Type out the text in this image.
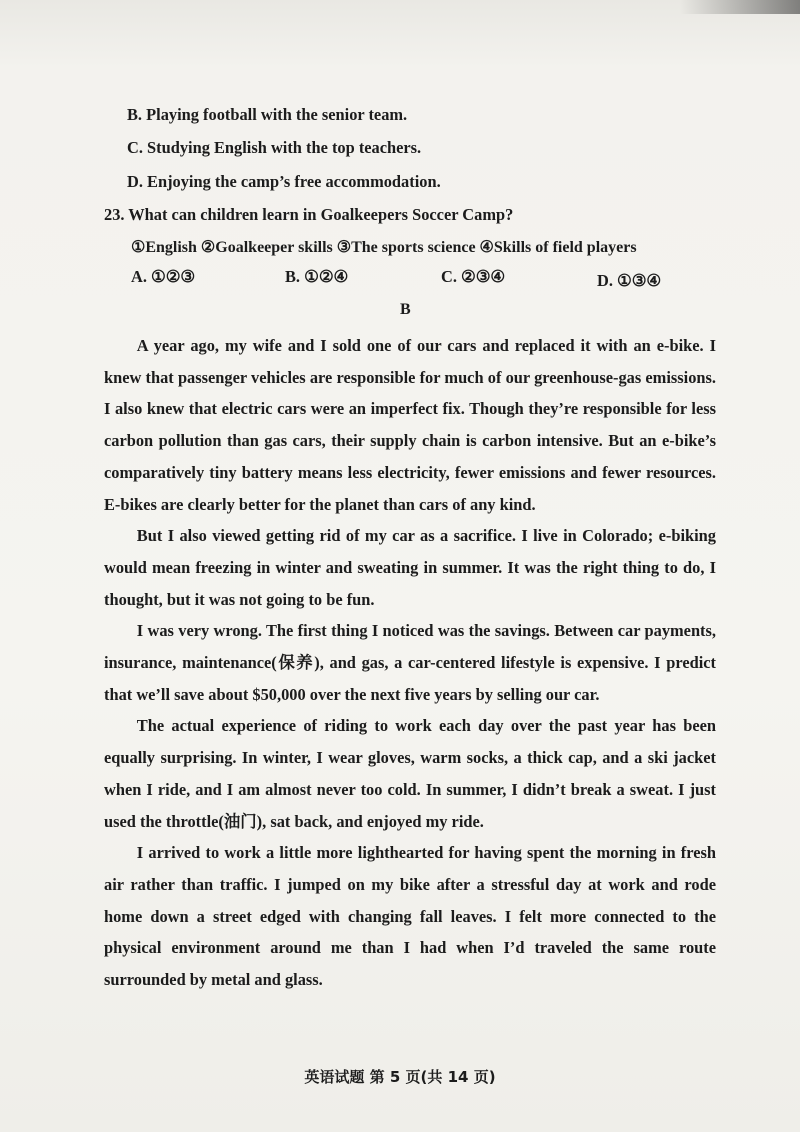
B. Playing football with the senior team.
C. Studying English with the top teachers.
D. Enjoying the camp’s free accommodation.
23. What can children learn in Goalkeepers Soccer Camp?
①English ②Goalkeeper skills ③The sports science ④Skills of field players
A. ①②③	B. ①②④	C. ②③④	D. ①③④
B

A year ago, my wife and I sold one of our cars and replaced it with an e-bike. I knew that passenger vehicles are responsible for much of our greenhouse-gas emissions. I also knew that electric cars were an imperfect fix. Though they’re responsible for less carbon pollution than gas cars, their supply chain is carbon intensive. But an e-bike’s comparatively tiny battery means less electricity, fewer emissions and fewer resources. E-bikes are clearly better for the planet than cars of any kind.

But I also viewed getting rid of my car as a sacrifice. I live in Colorado; e-biking would mean freezing in winter and sweating in summer. It was the right thing to do, I thought, but it was not going to be fun.

I was very wrong. The first thing I noticed was the savings. Between car payments, insurance, maintenance(保养), and gas, a car-centered lifestyle is expensive. I predict that we’ll save about $50,000 over the next five years by selling our car.

The actual experience of riding to work each day over the past year has been equally surprising. In winter, I wear gloves, warm socks, a thick cap, and a ski jacket when I ride, and I am almost never too cold. In summer, I didn’t break a sweat. I just used the throttle(油门), sat back, and enjoyed my ride.

I arrived to work a little more lighthearted for having spent the morning in fresh air rather than traffic. I jumped on my bike after a stressful day at work and rode home down a street edged with changing fall leaves. I felt more connected to the physical environment around me than I had when I’d traveled the same route surrounded by metal and glass.

英语试题 第 5 页(共 14 页)
